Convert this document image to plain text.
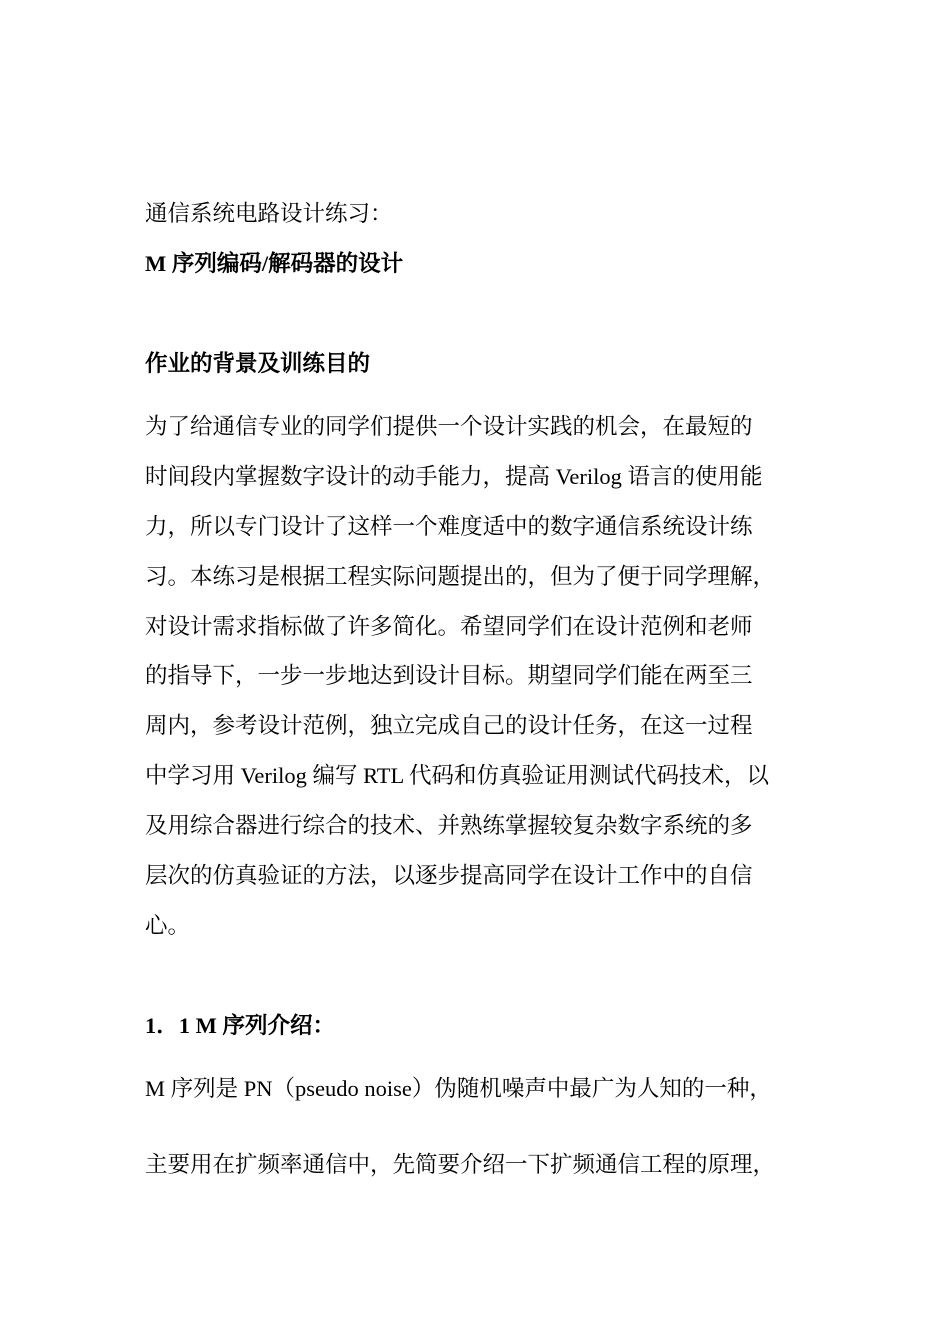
通信系统电路设计练习：
M 序列编码/解码器的设计
作业的背景及训练目的
为了给通信专业的同学们提供一个设计实践的机会，在最短的
时间段内掌握数字设计的动手能力，提高 Verilog 语言的使用能
力，所以专门设计了这样一个难度适中的数字通信系统设计练
习。本练习是根据工程实际问题提出的，但为了便于同学理解，
对设计需求指标做了许多简化。希望同学们在设计范例和老师
的指导下，一步一步地达到设计目标。期望同学们能在两至三
周内，参考设计范例，独立完成自己的设计任务，在这一过程
中学习用 Verilog 编写 RTL 代码和仿真验证用测试代码技术，以
及用综合器进行综合的技术、并熟练掌握较复杂数字系统的多
层次的仿真验证的方法，以逐步提高同学在设计工作中的自信
心。
1．1 M 序列介绍：
M 序列是 PN（pseudo noise）伪随机噪声中最广为人知的一种，
主要用在扩频率通信中，先简要介绍一下扩频通信工程的原理，
